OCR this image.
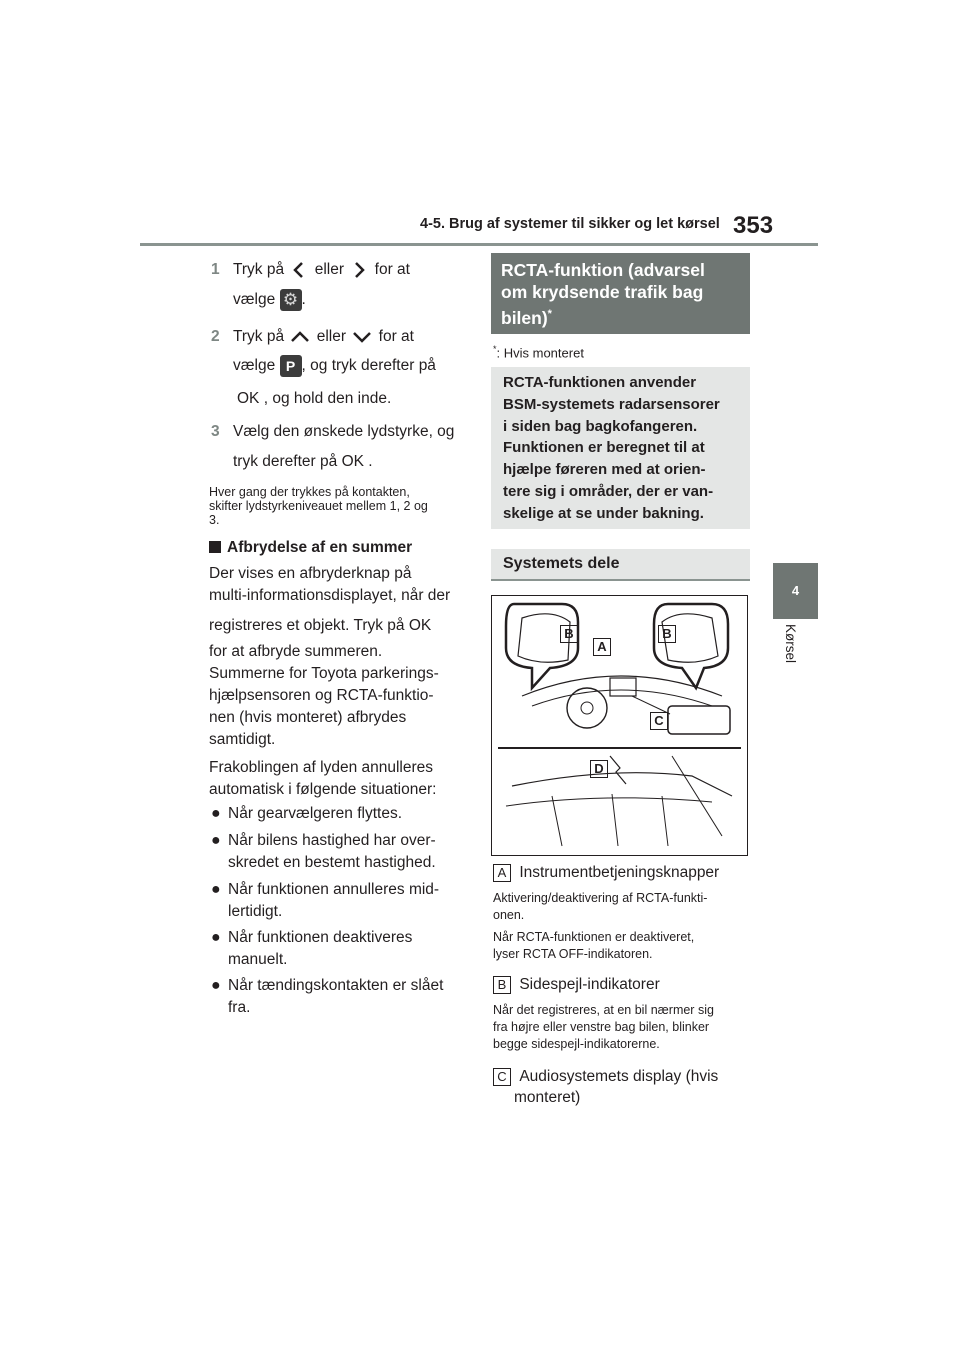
4-5. Brug af systemer til sikker og let kørsel 353
4
Kørsel
1 Tryk på eller for at
vælge ⚙ .
2 Tryk på eller for at
vælge P , og tryk derefter på
OK , og hold den inde.
3 Vælg den ønskede lydstyrke, og
tryk derefter på OK .
Hver gang der trykkes på kontakten,
skifter lydstyrkeniveauet mellem 1, 2 og
3.
Afbrydelse af en summer
Der vises en afbryderknap på
multi-informationsdisplayet, når der
registreres et objekt. Tryk på OK
for at afbryde summeren.
Summerne for Toyota parkerings-
hjælpsensoren og RCTA-funktio-
nen (hvis monteret) afbrydes
samtidigt.
Frakoblingen af lyden annulleres
automatisk i følgende situationer:
● Når gearvælgeren flyttes.
● Når bilens hastighed har over-
skredet en bestemt hastighed.
● Når funktionen annulleres mid-
lertidigt.
● Når funktionen deaktiveres
manuelt.
● Når tændingskontakten er slået
fra.
RCTA-funktion (advarsel
om krydsende trafik bag
bilen)*
*: Hvis monteret
RCTA-funktionen anvender
BSM-systemets radarsensorer
i siden bag bagkofangeren.
Funktionen er beregnet til at
hjælpe føreren med at orien-
tere sig i områder, der er van-
skelige at se under bakning.
Systemets dele
B
A
B
C
D
A Instrumentbetjeningsknapper
Aktivering/deaktivering af RCTA-funkti-
onen.
Når RCTA-funktionen er deaktiveret,
lyser RCTA OFF-indikatoren.
B Sidespejl-indikatorer
Når det registreres, at en bil nærmer sig
fra højre eller venstre bag bilen, blinker
begge sidespejl-indikatorerne.
C Audiosystemets display (hvis
monteret)
